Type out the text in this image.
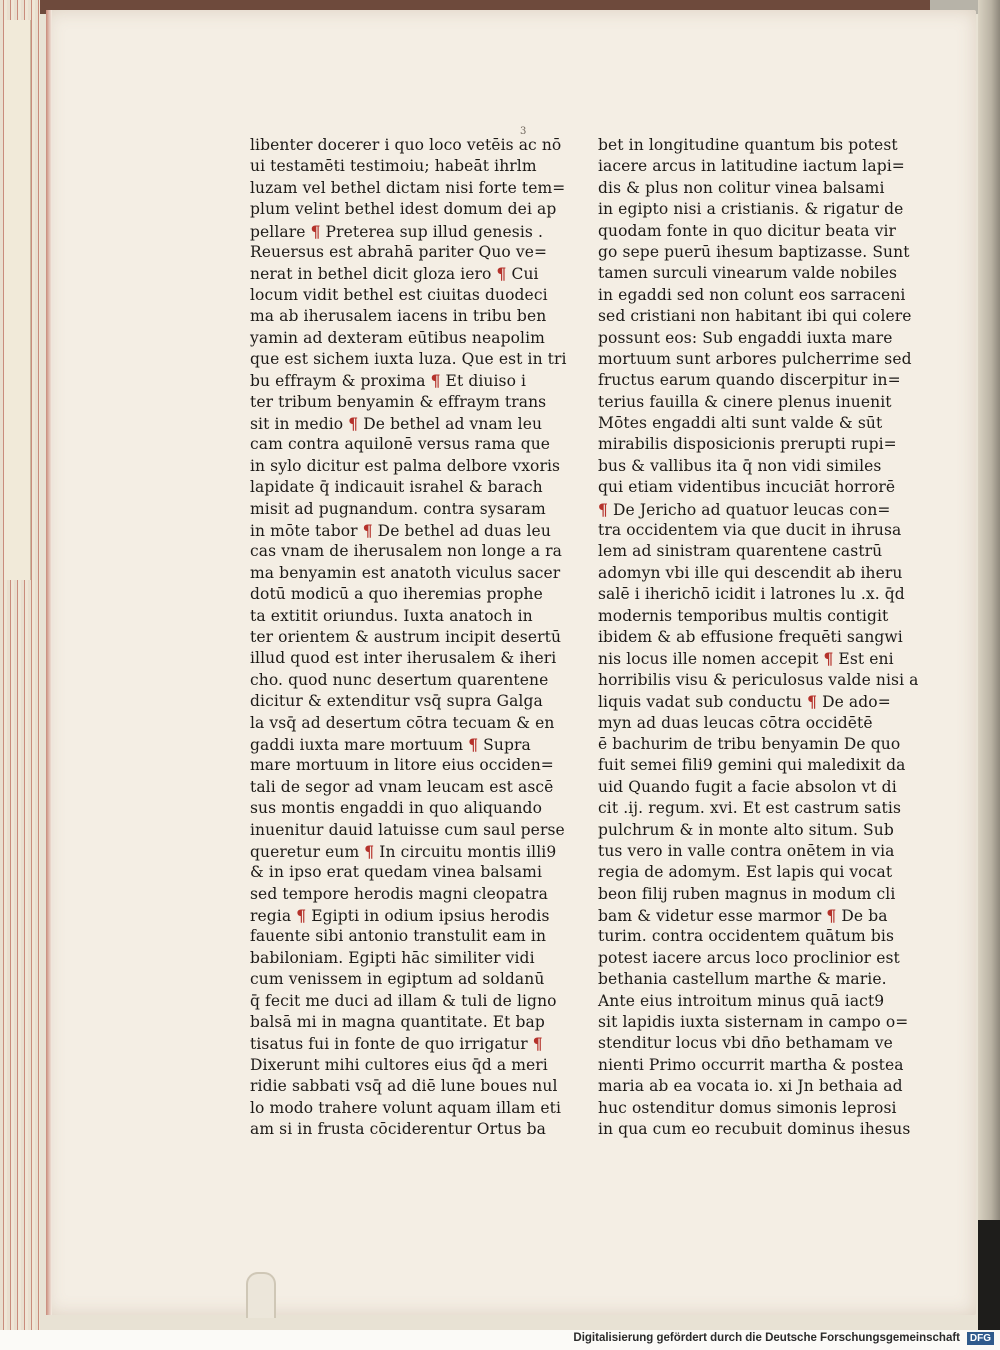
3
libenter docerer i quo loco vetēis ac nō
ui testamēti testimoiu; habeāt ihrlm
luzam vel bethel dictam nisi forte tem=
plum velint bethel idest domum dei ap
pellare ¶ Preterea sup illud genesis .
Reuersus est abrahā pariter Quo ve=
nerat in bethel dicit gloza iero ¶ Cui
locum vidit bethel est ciuitas duodeci
ma ab iherusalem iacens in tribu ben
yamin ad dexteram eūtibus neapolim
que est sichem iuxta luza. Que est in tri
bu effraym & proxima ¶ Et diuiso i
ter tribum benyamin & effraym trans
sit in medio ¶ De bethel ad vnam leu
cam contra aquilonē versus rama que
in sylo dicitur est palma delbore vxoris
lapidate q̄ indicauit israhel & barach
misit ad pugnandum. contra sysaram
in mōte tabor ¶ De bethel ad duas leu
cas vnam de iherusalem non longe a ra
ma benyamin est anatoth viculus sacer
dotū modicū a quo iheremias prophe
ta extitit oriundus. Iuxta anatoch in
ter orientem & austrum incipit desertū
illud quod est inter iherusalem & iheri
cho. quod nunc desertum quarentene
dicitur & extenditur vsq̄ supra Galga
la vsq̄ ad desertum cōtra tecuam & en
gaddi iuxta mare mortuum ¶ Supra
mare mortuum in litore eius occiden=
tali de segor ad vnam leucam est ascē
sus montis engaddi in quo aliquando
inuenitur dauid latuisse cum saul perse
queretur eum ¶ In circuitu montis illi9
& in ipso erat quedam vinea balsami
sed tempore herodis magni cleopatra
regia ¶ Egipti in odium ipsius herodis
fauente sibi antonio transtulit eam in
babiloniam. Egipti hāc similiter vidi
cum venissem in egiptum ad soldanū
q̄ fecit me duci ad illam & tuli de ligno
balsā mi in magna quantitate. Et bap
tisatus fui in fonte de quo irrigatur ¶
Dixerunt mihi cultores eius q̄d a meri
ridie sabbati vsq̄ ad diē lune boues nul
lo modo trahere volunt aquam illam eti
am si in frusta cōciderentur Ortus ba
bet in longitudine quantum bis potest
iacere arcus in latitudine iactum lapi=
dis & plus non colitur vinea balsami
in egipto nisi a cristianis. & rigatur de
quodam fonte in quo dicitur beata vir
go sepe puerū ihesum baptizasse. Sunt
tamen surculi vinearum valde nobiles
in egaddi sed non colunt eos sarraceni
sed cristiani non habitant ibi qui colere
possunt eos: Sub engaddi iuxta mare
mortuum sunt arbores pulcherrime sed
fructus earum quando discerpitur in=
terius fauilla & cinere plenus inuenit
Mōtes engaddi alti sunt valde & sūt
mirabilis disposicionis prerupti rupi=
bus & vallibus ita q̄ non vidi similes
qui etiam videntibus incuciāt horrorē
¶ De Jericho ad quatuor leucas con=
tra occidentem via que ducit in ihrusa
lem ad sinistram quarentene castrū
adomyn vbi ille qui descendit ab iheru
salē i iherichō icidit i latrones lu .x. q̄d
modernis temporibus multis contigit
ibidem & ab effusione frequēti sangwi
nis locus ille nomen accepit ¶ Est eni
horribilis visu & periculosus valde nisi a
liquis vadat sub conductu ¶ De ado=
myn ad duas leucas cōtra occidētē
ē bachurim de tribu benyamin De quo
fuit semei fili9 gemini qui maledixit da
uid Quando fugit a facie absolon vt di
cit .ij. regum. xvi. Et est castrum satis
pulchrum & in monte alto situm. Sub
tus vero in valle contra onētem in via
regia de adomym. Est lapis qui vocat
beon filij ruben magnus in modum cli
bam & videtur esse marmor ¶ De ba
turim. contra occidentem quātum bis
potest iacere arcus loco proclinior est
bethania castellum marthe & marie.
Ante eius introitum minus quā iact9
sit lapidis iuxta sisternam in campo o=
stenditur locus vbi dn̄o bethamam ve
nienti Primo occurrit martha & postea
maria ab ea vocata io. xi Jn bethaia ad
huc ostenditur domus simonis leprosi
in qua cum eo recubuit dominus ihesus
Digitalisierung gefördert durch die Deutsche Forschungsgemeinschaft DFG
